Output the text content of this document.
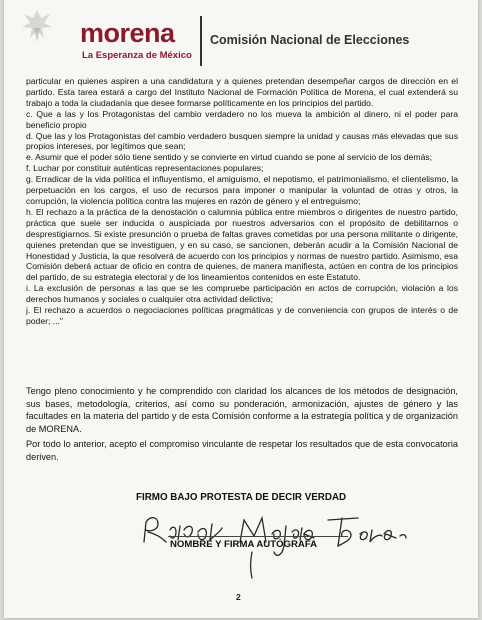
morena
La Esperanza de México
Comisión Nacional de Elecciones

particular en quienes aspiren a una candidatura y a quienes pretendan desempeñar cargos de dirección en el partido. Esta tarea estará a cargo del Instituto Nacional de Formación Política de Morena, el cual extenderá su trabajo a toda la ciudadanía que desee formarse políticamente en los principios del partido.

c. Que a las y los Protagonistas del cambio verdadero no los mueva la ambición al dinero, ni el poder para beneficio propio

d. Que las y los Protagonistas del cambio verdadero busquen siempre la unidad y causas más elevadas que sus propios intereses, por legítimos que sean;

e. Asumir que el poder sólo tiene sentido y se convierte en virtud cuando se pone al servicio de los demás;

f. Luchar por constituir auténticas representaciones populares;

g. Erradicar de la vida política el influyentismo, el amiguismo, el nepotismo, el patrimonialismo, el clientelismo, la perpetuación en los cargos, el uso de recursos para imponer o manipular la voluntad de otras y otros, la corrupción, la violencia política contra las mujeres en razón de género y el entreguismo;

h. El rechazo a la práctica de la denostación o calumnia pública entre miembros o dirigentes de nuestro partido, práctica que suele ser inducida o auspiciada por nuestros adversarios con el propósito de debilitarnos o desprestigiarnos. Si existe presunción o prueba de faltas graves cometidas por una persona militante o dirigente, quienes pretendan que se investiguen, y en su caso, se sancionen, deberán acudir a la Comisión Nacional de Honestidad y Justicia, la que resolverá de acuerdo con los principios y normas de nuestro partido. Asimismo, esa Comisión deberá actuar de oficio en contra de quienes, de manera manifiesta, actúen en contra de los principios del partido, de su estrategia electoral y de los lineamientos contenidos en este Estatuto.

i. La exclusión de personas a las que se les compruebe participación en actos de corrupción, violación a los derechos humanos y sociales o cualquier otra actividad delictiva;

j. El rechazo a acuerdos o negociaciones políticas pragmáticas y de conveniencia con grupos de interés o de poder; ..."

Tengo pleno conocimiento y he comprendido con claridad los alcances de los métodos de designación, sus bases, metodología, criterios, así como su ponderación, armonización, ajustes de género y las facultades en la materia del partido y de esta Comisión conforme a la estrategia política y de organización de MORENA.

Por todo lo anterior, acepto el compromiso vinculante de respetar los resultados que de esta convocatoria deriven.

FIRMO BAJO PROTESTA DE DECIR VERDAD
NOMBRE Y FIRMA AUTÓGRAFA
2
